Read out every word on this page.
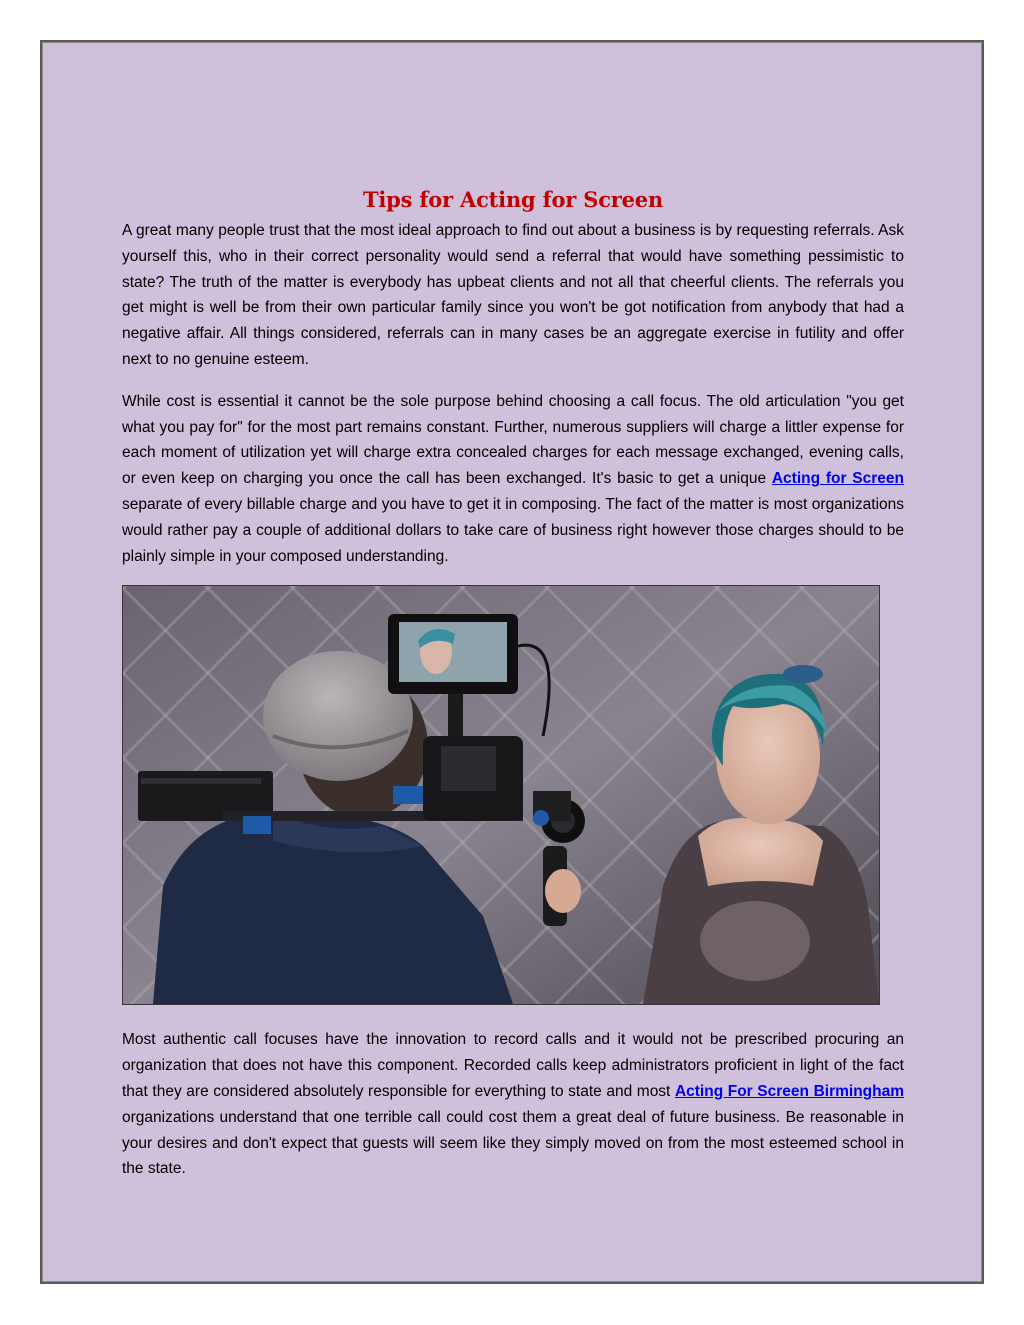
Tips for Acting for Screen

A great many people trust that the most ideal approach to find out about a business is by requesting referrals. Ask yourself this, who in their correct personality would send a referral that would have something pessimistic to state? The truth of the matter is everybody has upbeat clients and not all that cheerful clients. The referrals you get might is well be from their own particular family since you won't be got notification from anybody that had a negative affair. All things considered, referrals can in many cases be an aggregate exercise in futility and offer next to no genuine esteem.

While cost is essential it cannot be the sole purpose behind choosing a call focus. The old articulation "you get what you pay for" for the most part remains constant. Further, numerous suppliers will charge a littler expense for each moment of utilization yet will charge extra concealed charges for each message exchanged, evening calls, or even keep on charging you once the call has been exchanged. It's basic to get a unique Acting for Screen separate of every billable charge and you have to get it in composing. The fact of the matter is most organizations would rather pay a couple of additional dollars to take care of business right however those charges should to be plainly simple in your composed understanding.

Most authentic call focuses have the innovation to record calls and it would not be prescribed procuring an organization that does not have this component. Recorded calls keep administrators proficient in light of the fact that they are considered absolutely responsible for everything to state and most Acting For Screen Birmingham organizations understand that one terrible call could cost them a great deal of future business. Be reasonable in your desires and don't expect that guests will seem like they simply moved on from the most esteemed school in the state.
